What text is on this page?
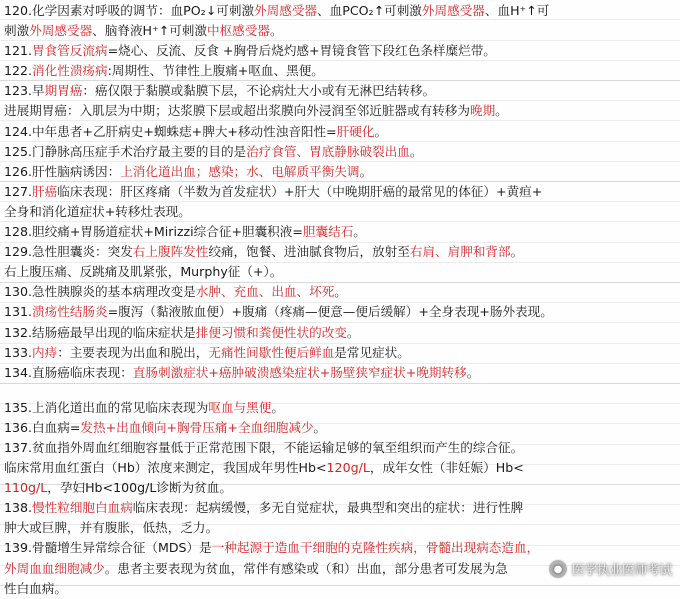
120.化学因素对呼吸的调节：血PO₂↓可刺激外周感受器、血PCO₂↑可刺激外周感受器、血H⁺↑可
刺激外周感受器、脑脊液H⁺↑可刺激中枢感受器。
121.胃食管反流病=烧心、反流、反食 +胸骨后烧灼感+胃镜食管下段红色条样糜烂带。
122.消化性溃疡病:周期性、节律性上腹痛+呕血、黑便。
123.早期胃癌：癌仅限于黏膜或黏膜下层，不论病灶大小或有无淋巴结转移。
进展期胃癌：入肌层为中期；达浆膜下层或超出浆膜向外浸润至邻近脏器或有转移为晚期。
124.中年患者+乙肝病史+蜘蛛痣+脾大+移动性浊音阳性=肝硬化。
125.门静脉高压症手术治疗最主要的目的是治疗食管、胃底静脉破裂出血。
126.肝性脑病诱因：上消化道出血；感染；水、电解质平衡失调。
127.肝癌临床表现：肝区疼痛（半数为首发症状）+肝大（中晚期肝癌的最常见的体征）+黄疸+
全身和消化道症状+转移灶表现。
128.胆绞痛+胃肠道症状+Mirizzi综合征+胆囊积液=胆囊结石。
129.急性胆囊炎：突发右上腹阵发性绞痛，饱餐、进油腻食物后，放射至右肩、肩胛和背部。
右上腹压痛、反跳痛及肌紧张，Murphy征（+）。
130.急性胰腺炎的基本病理改变是水肿、充血、出血、坏死。
131.溃疡性结肠炎=腹泻（黏液脓血便）+腹痛（疼痛—便意—便后缓解）+全身表现+肠外表现。
132.结肠癌最早出现的临床症状是排便习惯和粪便性状的改变。
133.内痔：主要表现为出血和脱出，无痛性间歇性便后鲜血是常见症状。
134.直肠癌临床表现：直肠刺激症状+癌肿破溃感染症状+肠壁狭窄症状+晚期转移。
135.上消化道出血的常见临床表现为呕血与黑便。
136.白血病=发热+出血倾向+胸骨压痛+全血细胞减少。
137.贫血指外周血红细胞容量低于正常范围下限，不能运输足够的氧至组织而产生的综合征。
临床常用血红蛋白（Hb）浓度来测定，我国成年男性Hb<120g/L，成年女性（非妊娠）Hb<
110g/L，孕妇Hb<100g/L诊断为贫血。
138.慢性粒细胞白血病临床表现：起病缓慢，多无自觉症状，最典型和突出的症状：进行性脾
肿大或巨脾，并有腹胀，低热，乏力。
139.骨髓增生异常综合征（MDS）是一种起源于造血干细胞的克隆性疾病，骨髓出现病态造血，
外周血血细胞减少。患者主要表现为贫血，常伴有感染或（和）出血，部分患者可发展为急
性白血病。
● 医学执业医师考试
